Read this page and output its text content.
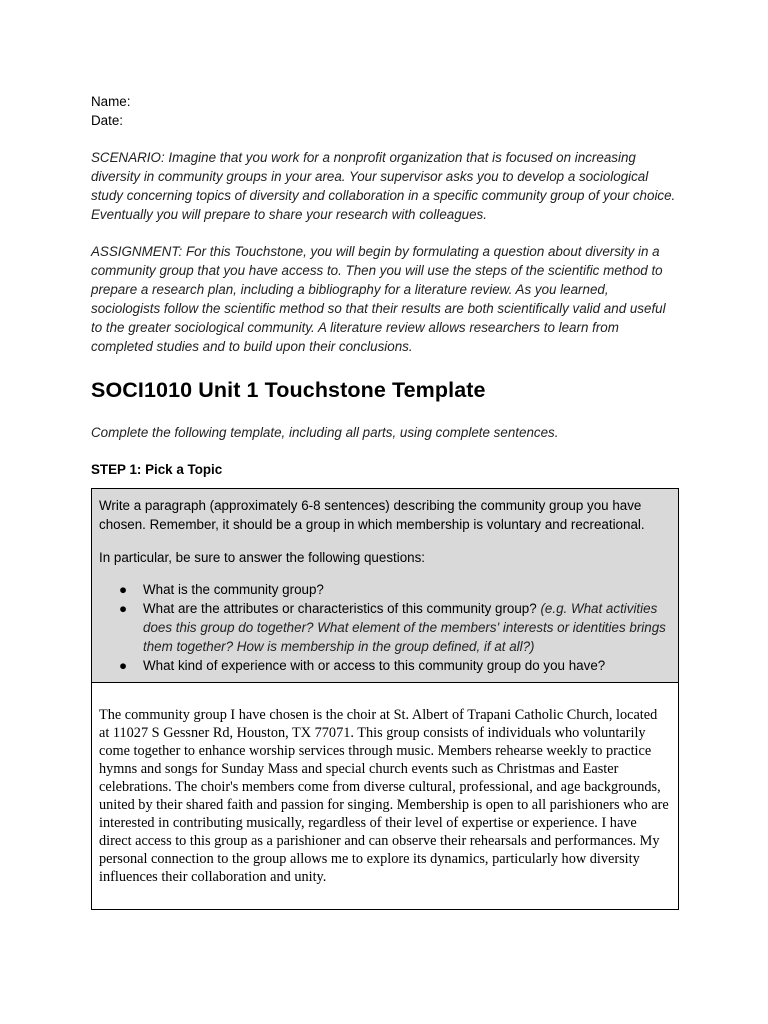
Name:

Date:

SCENARIO: Imagine that you work for a nonprofit organization that is focused on increasing diversity in community groups in your area. Your supervisor asks you to develop a sociological study concerning topics of diversity and collaboration in a specific community group of your choice. Eventually you will prepare to share your research with colleagues.

ASSIGNMENT: For this Touchstone, you will begin by formulating a question about diversity in a community group that you have access to. Then you will use the steps of the scientific method to prepare a research plan, including a bibliography for a literature review. As you learned, sociologists follow the scientific method so that their results are both scientifically valid and useful to the greater sociological community. A literature review allows researchers to learn from completed studies and to build upon their conclusions.

SOCI1010 Unit 1 Touchstone Template

Complete the following template, including all parts, using complete sentences.

STEP 1: Pick a Topic

Write a paragraph (approximately 6-8 sentences) describing the community group you have chosen. Remember, it should be a group in which membership is voluntary and recreational.

In particular, be sure to answer the following questions:

● What is the community group?
● What are the attributes or characteristics of this community group? (e.g. What activities does this group do together? What element of the members' interests or identities brings them together? How is membership in the group defined, if at all?)
● What kind of experience with or access to this community group do you have?

The community group I have chosen is the choir at St. Albert of Trapani Catholic Church, located at 11027 S Gessner Rd, Houston, TX 77071. This group consists of individuals who voluntarily come together to enhance worship services through music. Members rehearse weekly to practice hymns and songs for Sunday Mass and special church events such as Christmas and Easter celebrations. The choir's members come from diverse cultural, professional, and age backgrounds, united by their shared faith and passion for singing. Membership is open to all parishioners who are interested in contributing musically, regardless of their level of expertise or experience. I have direct access to this group as a parishioner and can observe their rehearsals and performances. My personal connection to the group allows me to explore its dynamics, particularly how diversity influences their collaboration and unity.
